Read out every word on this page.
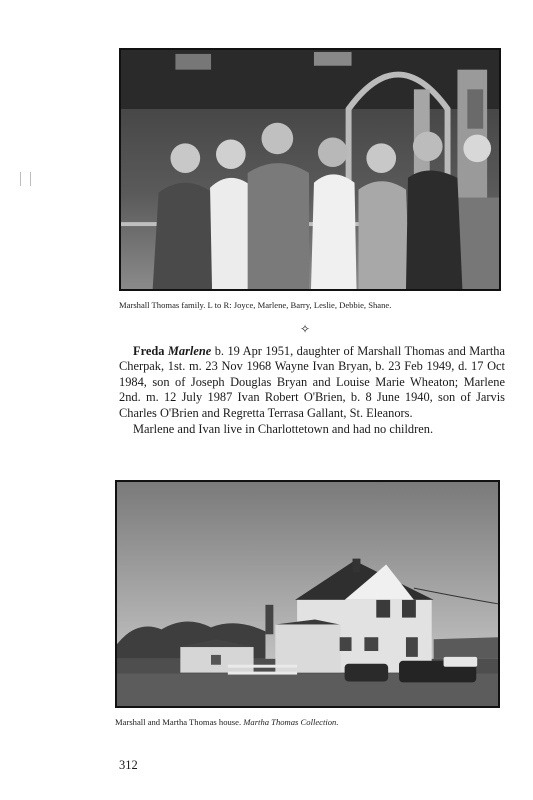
Marshall Thomas family. L to R: Joyce, Marlene, Barry, Leslie, Debbie, Shane.
✧

Freda Marlene b. 19 Apr 1951, daughter of Marshall Thomas and Martha Cherpak, 1st. m. 23 Nov 1968 Wayne Ivan Bryan, b. 23 Feb 1949, d. 17 Oct 1984, son of Joseph Douglas Bryan and Louise Marie Wheaton; Marlene 2nd. m. 12 July 1987 Ivan Robert O'Brien, b. 8 June 1940, son of Jarvis Charles O'Brien and Regretta Terrasa Gallant, St. Eleanors.

Marlene and Ivan live in Charlottetown and had no children.

Marshall and Martha Thomas house. Martha Thomas Collection.
312
